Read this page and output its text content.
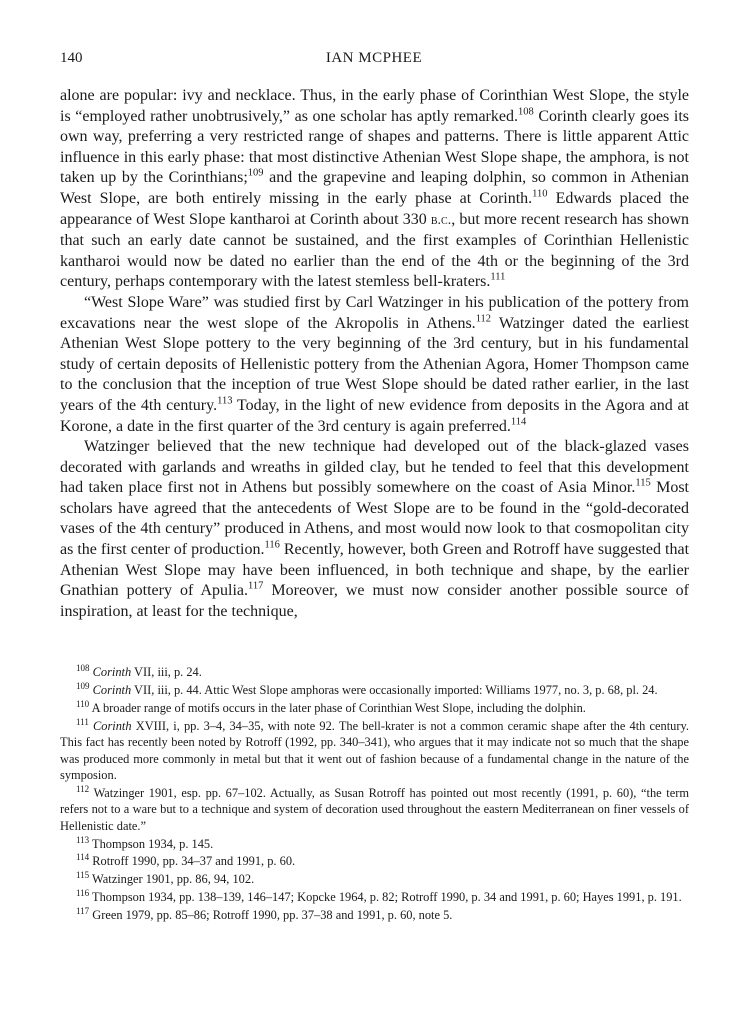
140	IAN MCPHEE

alone are popular: ivy and necklace. Thus, in the early phase of Corinthian West Slope, the style is “employed rather unobtrusively,” as one scholar has aptly remarked.$^{108}$ Corinth clearly goes its own way, preferring a very restricted range of shapes and patterns. There is little apparent Attic influence in this early phase: that most distinctive Athenian West Slope shape, the amphora, is not taken up by the Corinthians;$^{109}$ and the grapevine and leaping dolphin, so common in Athenian West Slope, are both entirely missing in the early phase at Corinth.$^{110}$ Edwards placed the appearance of West Slope kantharoi at Corinth about 330 b.c., but more recent research has shown that such an early date cannot be sustained, and the first examples of Corinthian Hellenistic kantharoi would now be dated no earlier than the end of the 4th or the beginning of the 3rd century, perhaps contemporary with the latest stemless bell-kraters.$^{111}$

“West Slope Ware” was studied first by Carl Watzinger in his publication of the pottery from excavations near the west slope of the Akropolis in Athens.$^{112}$ Watzinger dated the earliest Athenian West Slope pottery to the very beginning of the 3rd century, but in his fundamental study of certain deposits of Hellenistic pottery from the Athenian Agora, Homer Thompson came to the conclusion that the inception of true West Slope should be dated rather earlier, in the last years of the 4th century.$^{113}$ Today, in the light of new evidence from deposits in the Agora and at Korone, a date in the first quarter of the 3rd century is again preferred.$^{114}$

Watzinger believed that the new technique had developed out of the black-glazed vases decorated with garlands and wreaths in gilded clay, but he tended to feel that this development had taken place first not in Athens but possibly somewhere on the coast of Asia Minor.$^{115}$ Most scholars have agreed that the antecedents of West Slope are to be found in the “gold-decorated vases of the 4th century” produced in Athens, and most would now look to that cosmopolitan city as the first center of production.$^{116}$ Recently, however, both Green and Rotroff have suggested that Athenian West Slope may have been influenced, in both technique and shape, by the earlier Gnathian pottery of Apulia.$^{117}$ Moreover, we must now consider another possible source of inspiration, at least for the technique,

$^{108}$ Corinth VII, iii, p. 24.

$^{109}$ Corinth VII, iii, p. 44. Attic West Slope amphoras were occasionally imported: Williams 1977, no. 3, p. 68, pl. 24.

$^{110}$ A broader range of motifs occurs in the later phase of Corinthian West Slope, including the dolphin.

$^{111}$ Corinth XVIII, i, pp. 3–4, 34–35, with note 92. The bell-krater is not a common ceramic shape after the 4th century. This fact has recently been noted by Rotroff (1992, pp. 340–341), who argues that it may indicate not so much that the shape was produced more commonly in metal but that it went out of fashion because of a fundamental change in the nature of the symposion.

$^{112}$ Watzinger 1901, esp. pp. 67–102. Actually, as Susan Rotroff has pointed out most recently (1991, p. 60), “the term refers not to a ware but to a technique and system of decoration used throughout the eastern Mediterranean on finer vessels of Hellenistic date.”

$^{113}$ Thompson 1934, p. 145.

$^{114}$ Rotroff 1990, pp. 34–37 and 1991, p. 60.

$^{115}$ Watzinger 1901, pp. 86, 94, 102.

$^{116}$ Thompson 1934, pp. 138–139, 146–147; Kopcke 1964, p. 82; Rotroff 1990, p. 34 and 1991, p. 60; Hayes 1991, p. 191.

$^{117}$ Green 1979, pp. 85–86; Rotroff 1990, pp. 37–38 and 1991, p. 60, note 5.
